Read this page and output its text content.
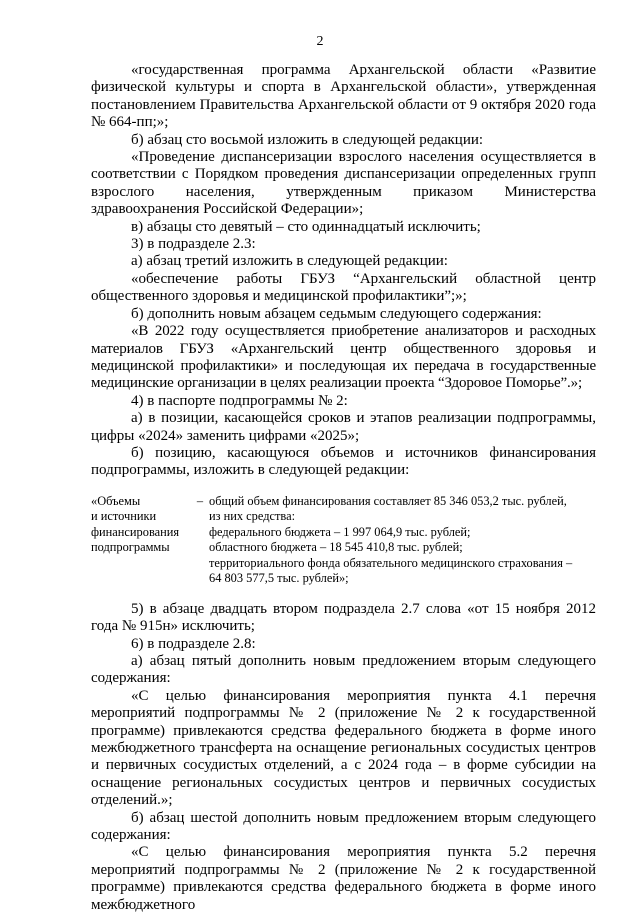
2

«государственная программа Архангельской области «Развитие физической культуры и спорта в Архангельской области», утвержденная постановлением Правительства Архангельской области от 9 октября 2020 года № 664-пп;»;

б) абзац сто восьмой изложить в следующей редакции:

«Проведение диспансеризации взрослого населения осуществляется в соответствии с Порядком проведения диспансеризации определенных групп взрослого населения, утвержденным приказом Министерства здравоохранения Российской Федерации»;

в) абзацы сто девятый – сто одиннадцатый исключить;

3) в подразделе 2.3:

а) абзац третий изложить в следующей редакции:

«обеспечение работы ГБУЗ “Архангельский областной центр общественного здоровья и медицинской профилактики”;»;

б) дополнить новым абзацем седьмым следующего содержания:

«В 2022 году осуществляется приобретение анализаторов и расходных материалов ГБУЗ «Архангельский центр общественного здоровья и медицинской профилактики» и последующая их передача в государственные медицинские организации в целях реализации проекта “Здоровое Поморье”.»;

4) в паспорте подпрограммы № 2:

а) в позиции, касающейся сроков и этапов реализации подпрограммы, цифры «2024» заменить цифрами «2025»;

б) позицию, касающуюся объемов и источников финансирования подпрограммы, изложить в следующей редакции:

«Объемы
и источники
финансирования
подпрограммы
– общий объем финансирования составляет 85 346 053,2 тыс. рублей,
из них средства:
федерального бюджета – 1 997 064,9 тыс. рублей;
областного бюджета – 18 545 410,8 тыс. рублей;
территориального фонда обязательного медицинского страхования –
64 803 577,5 тыс. рублей»;

5) в абзаце двадцать втором подраздела 2.7 слова «от 15 ноября 2012 года № 915н» исключить;

6) в подразделе 2.8:

а) абзац пятый дополнить новым предложением вторым следующего содержания:

«С целью финансирования мероприятия пункта 4.1 перечня мероприятий подпрограммы № 2 (приложение № 2 к государственной программе) привлекаются средства федерального бюджета в форме иного межбюджетного трансферта на оснащение региональных сосудистых центров и первичных сосудистых отделений, а с 2024 года – в форме субсидии на оснащение региональных сосудистых центров и первичных сосудистых отделений.»;

б) абзац шестой дополнить новым предложением вторым следующего содержания:

«С целью финансирования мероприятия пункта 5.2 перечня мероприятий подпрограммы № 2 (приложение № 2 к государственной программе) привлекаются средства федерального бюджета в форме иного межбюджетного
